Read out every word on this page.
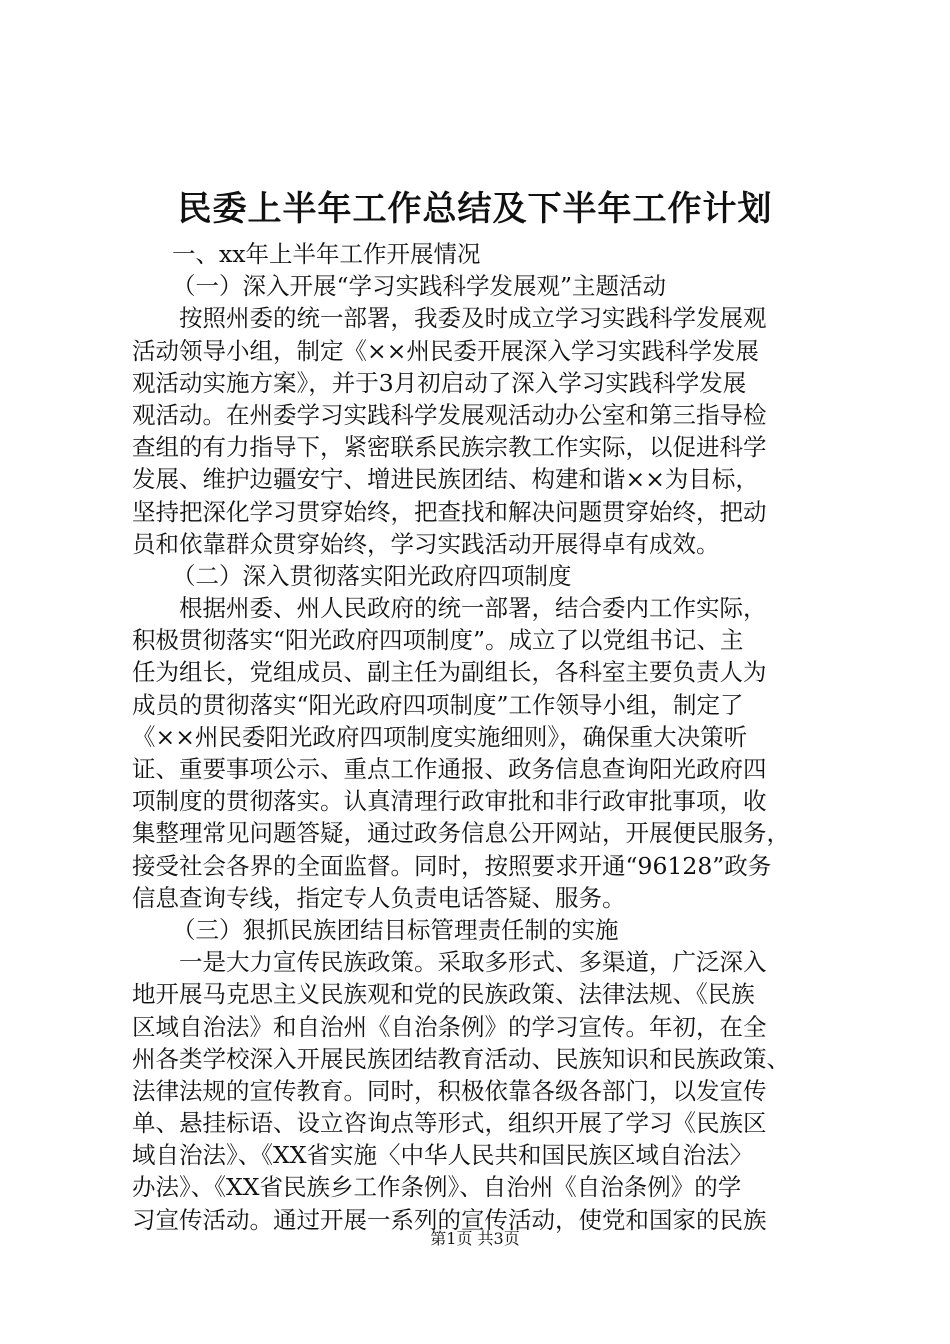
民委上半年工作总结及下半年工作计划
一、xx年上半年工作开展情况
（一）深入开展“学习实践科学发展观”主题活动
按照州委的统一部署，我委及时成立学习实践科学发展观
活动领导小组，制定《××州民委开展深入学习实践科学发展
观活动实施方案》，并于3月初启动了深入学习实践科学发展
观活动。在州委学习实践科学发展观活动办公室和第三指导检
查组的有力指导下，紧密联系民族宗教工作实际，以促进科学
发展、维护边疆安宁、增进民族团结、构建和谐××为目标，
坚持把深化学习贯穿始终，把查找和解决问题贯穿始终，把动
员和依靠群众贯穿始终，学习实践活动开展得卓有成效。
（二）深入贯彻落实阳光政府四项制度
根据州委、州人民政府的统一部署，结合委内工作实际，
积极贯彻落实“阳光政府四项制度”。成立了以党组书记、主
任为组长，党组成员、副主任为副组长，各科室主要负责人为
成员的贯彻落实“阳光政府四项制度”工作领导小组，制定了
《××州民委阳光政府四项制度实施细则》，确保重大决策听
证、重要事项公示、重点工作通报、政务信息查询阳光政府四
项制度的贯彻落实。认真清理行政审批和非行政审批事项，收
集整理常见问题答疑，通过政务信息公开网站，开展便民服务，
接受社会各界的全面监督。同时，按照要求开通“96128”政务
信息查询专线，指定专人负责电话答疑、服务。
（三）狠抓民族团结目标管理责任制的实施
一是大力宣传民族政策。采取多形式、多渠道，广泛深入
地开展马克思主义民族观和党的民族政策、法律法规、《民族
区域自治法》和自治州《自治条例》的学习宣传。年初，在全
州各类学校深入开展民族团结教育活动、民族知识和民族政策、
法律法规的宣传教育。同时，积极依靠各级各部门，以发宣传
单、悬挂标语、设立咨询点等形式，组织开展了学习《民族区
域自治法》、《XX省实施〈中华人民共和国民族区域自治法〉
办法》、《XX省民族乡工作条例》、自治州《自治条例》的学
习宣传活动。通过开展一系列的宣传活动，使党和国家的民族
第1页 共3页
